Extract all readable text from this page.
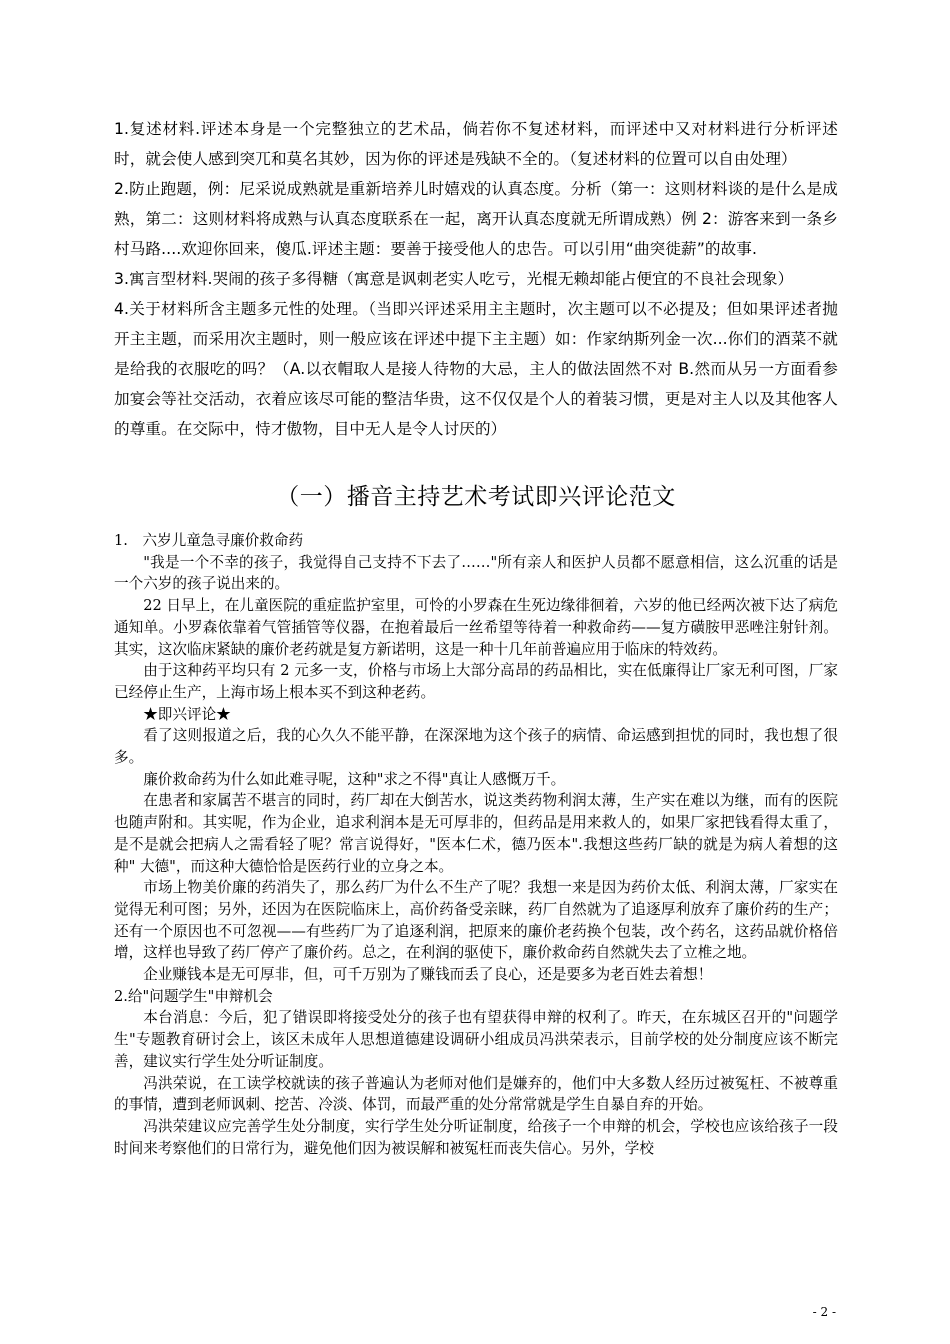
1.复述材料.评述本身是一个完整独立的艺术品，倘若你不复述材料，而评述中又对材料进行分析评述时，就会使人感到突兀和莫名其妙，因为你的评述是残缺不全的。（复述材料的位置可以自由处理）

2.防止跑题，例：尼采说成熟就是重新培养儿时嬉戏的认真态度。分析（第一：这则材料谈的是什么是成熟，第二：这则材料将成熟与认真态度联系在一起，离开认真态度就无所谓成熟）例 2：游客来到一条乡村马路....欢迎你回来，傻瓜.评述主题：要善于接受他人的忠告。可以引用“曲突徙薪”的故事.

3.寓言型材料.哭闹的孩子多得糖（寓意是讽刺老实人吃亏，光棍无赖却能占便宜的不良社会现象）

4.关于材料所含主题多元性的处理。（当即兴评述采用主主题时，次主题可以不必提及；但如果评述者抛开主主题，而采用次主题时，则一般应该在评述中提下主主题）如：作家纳斯列金一次...你们的酒菜不就是给我的衣服吃的吗？（A.以衣帽取人是接人待物的大忌，主人的做法固然不对 B.然而从另一方面看参加宴会等社交活动，衣着应该尽可能的整洁华贵，这不仅仅是个人的着装习惯，更是对主人以及其他客人的尊重。在交际中，恃才傲物，目中无人是令人讨厌的）

（一）播音主持艺术考试即兴评论范文

1.　六岁儿童急寻廉价救命药

"我是一个不幸的孩子，我觉得自己支持不下去了……"所有亲人和医护人员都不愿意相信，这么沉重的话是一个六岁的孩子说出来的。

22 日早上，在儿童医院的重症监护室里，可怜的小罗森在生死边缘徘徊着，六岁的他已经两次被下达了病危通知单。小罗森依靠着气管插管等仪器，在抱着最后一丝希望等待着一种救命药——复方磺胺甲恶唑注射针剂。其实，这次临床紧缺的廉价老药就是复方新诺明，这是一种十几年前普遍应用于临床的特效药。

由于这种药平均只有 2 元多一支，价格与市场上大部分高昂的药品相比，实在低廉得让厂家无利可图，厂家已经停止生产，上海市场上根本买不到这种老药。

★即兴评论★

看了这则报道之后，我的心久久不能平静，在深深地为这个孩子的病情、命运感到担忧的同时，我也想了很多。

廉价救命药为什么如此难寻呢，这种"求之不得"真让人感慨万千。

在患者和家属苦不堪言的同时，药厂却在大倒苦水，说这类药物利润太薄，生产实在难以为继，而有的医院也随声附和。其实呢，作为企业，追求利润本是无可厚非的，但药品是用来救人的，如果厂家把钱看得太重了，是不是就会把病人之需看轻了呢？常言说得好，"医本仁术，德乃医本".我想这些药厂缺的就是为病人着想的这种" 大德"，而这种大德恰恰是医药行业的立身之本。

市场上物美价廉的药消失了，那么药厂为什么不生产了呢？我想一来是因为药价太低、利润太薄，厂家实在觉得无利可图；另外，还因为在医院临床上，高价药备受亲睐，药厂自然就为了追逐厚利放弃了廉价药的生产；还有一个原因也不可忽视——有些药厂为了追逐利润，把原来的廉价老药换个包装，改个药名，这药品就价格倍增，这样也导致了药厂停产了廉价药。总之，在利润的驱使下，廉价救命药自然就失去了立椎之地。

企业赚钱本是无可厚非，但，可千万别为了赚钱而丢了良心，还是要多为老百姓去着想！

2.给"问题学生"申辩机会

本台消息：今后，犯了错误即将接受处分的孩子也有望获得申辩的权利了。昨天，在东城区召开的"问题学生"专题教育研讨会上，该区未成年人思想道德建设调研小组成员冯洪荣表示，目前学校的处分制度应该不断完善，建议实行学生处分听证制度。

冯洪荣说，在工读学校就读的孩子普遍认为老师对他们是嫌弃的，他们中大多数人经历过被冤枉、不被尊重的事情，遭到老师讽刺、挖苦、冷淡、体罚，而最严重的处分常常就是学生自暴自弃的开始。

冯洪荣建议应完善学生处分制度，实行学生处分听证制度，给孩子一个申辩的机会，学校也应该给孩子一段时间来考察他们的日常行为，避免他们因为被误解和被冤枉而丧失信心。另外，学校

- 2 -
